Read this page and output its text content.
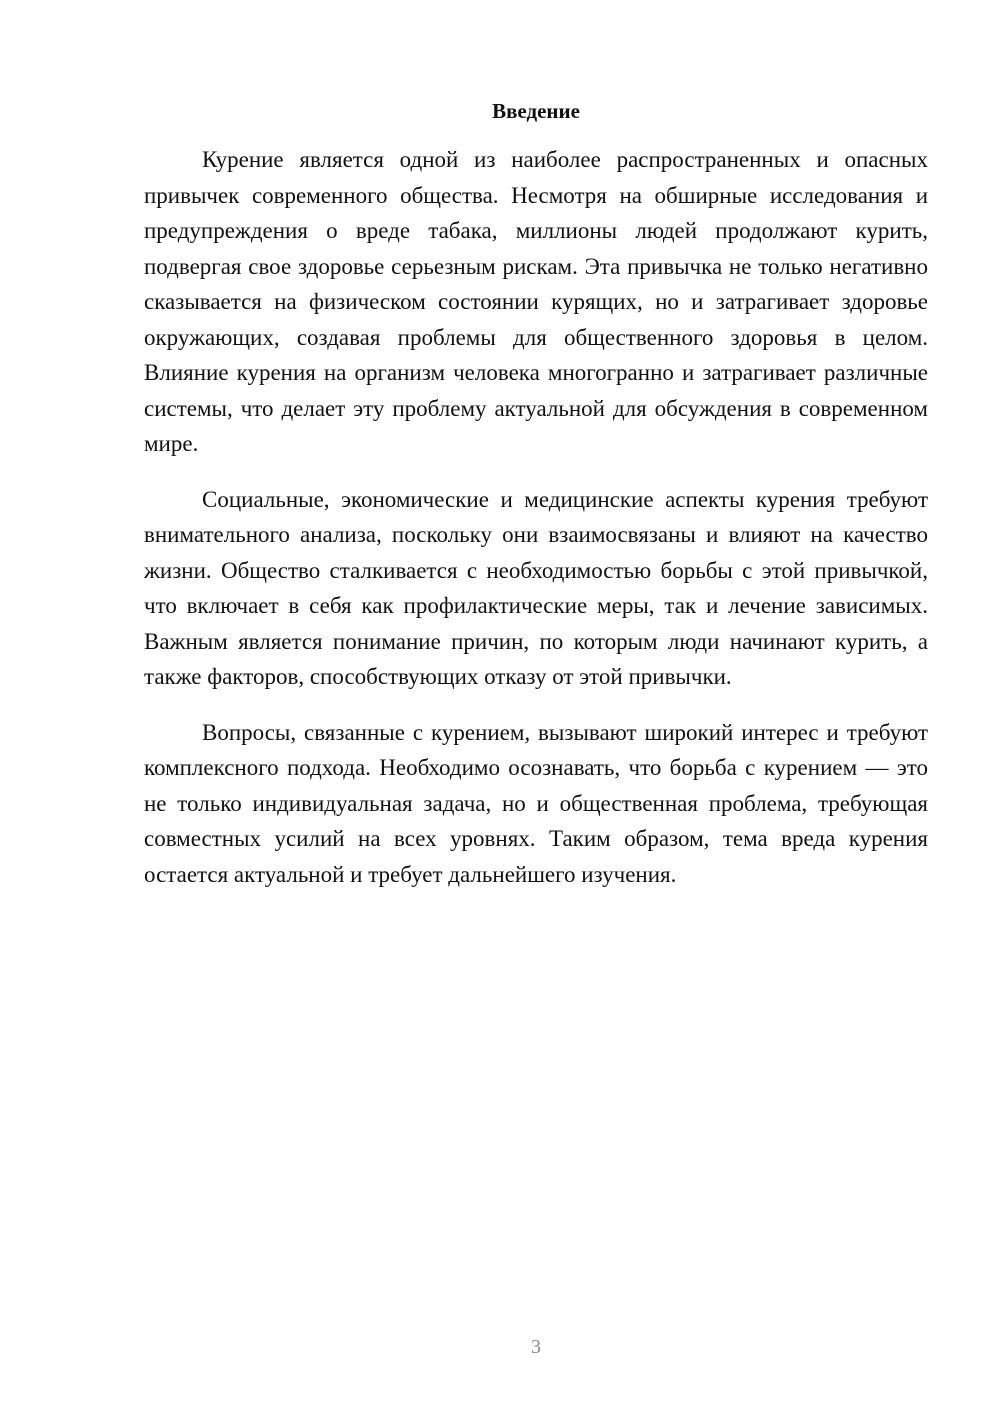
Введение

Курение является одной из наиболее распространенных и опасных привычек современного общества. Несмотря на обширные исследования и предупреждения о вреде табака, миллионы людей продолжают курить, подвергая свое здоровье серьезным рискам. Эта привычка не только негативно сказывается на физическом состоянии курящих, но и затрагивает здоровье окружающих, создавая проблемы для общественного здоровья в целом. Влияние курения на организм человека многогранно и затрагивает различные системы, что делает эту проблему актуальной для обсуждения в современном мире.

Социальные, экономические и медицинские аспекты курения требуют внимательного анализа, поскольку они взаимосвязаны и влияют на качество жизни. Общество сталкивается с необходимостью борьбы с этой привычкой, что включает в себя как профилактические меры, так и лечение зависимых. Важным является понимание причин, по которым люди начинают курить, а также факторов, способствующих отказу от этой привычки.

Вопросы, связанные с курением, вызывают широкий интерес и требуют комплексного подхода. Необходимо осознавать, что борьба с курением — это не только индивидуальная задача, но и общественная проблема, требующая совместных усилий на всех уровнях. Таким образом, тема вреда курения остается актуальной и требует дальнейшего изучения.

3
